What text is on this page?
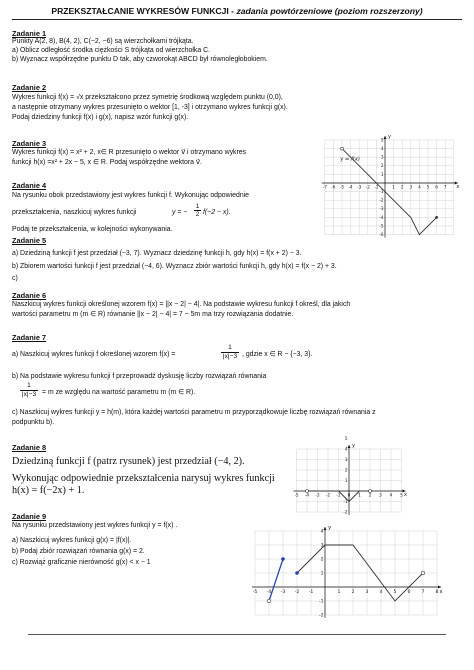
PRZEKSZTAŁCANIE WYKRESÓW FUNKCJI - zadania powtórzeniowe (poziom rozszerzony)
Zadanie 1
Punkty A(2, 8), B(4, 2), C(−2, −6) są wierzchołkami trójkąta.
a) Oblicz odległość środka ciężkości S trójkąta od wierzchołka C.
b) Wyznacz współrzędne punktu D tak, aby czworokąt ABCD był równoległobokiem.
Zadanie 2
Wykres funkcji f(x) = √x przekształcono przez symetrię środkową względem punktu (0,0),
a następnie otrzymany wykres przesunięto o wektor [1, -3] i otrzymano wykres funkcji g(x).
Podaj dziedziny funkcji f(x) i g(x), napisz wzór funkcji g(x).
Zadanie 3
Wykres funkcji f(x) = x² + 2, x∈ R przesunięto o wektor v⃗ i otrzymano wykres
funkcji h(x) =x² + 2x − 5, x ∈ R. Podaj współrzędne wektora v⃗.
Zadanie 4
Na rysunku obok przedstawiony jest wykres funkcji f. Wykonując odpowiednie
przekształcenia, naszkicuj wykres funkcji	y = − $\frac{1}{2} f(-2 - x)$.
Podaj te przekształcenia, w kolejności wykonywania.
-7 -6 -5 -4 -3 -2 -1	1 2 3 4 5 6 7
5
4
3
2
1
-1
-2
-3
-4
-5
-6
x
y
y = f(x)
Zadanie 5
a) Dziedziną funkcji f jest przedział (−3, 7). Wyznacz dziedzinę funkcji h, gdy h(x) = f(x + 2) − 3.
b) Zbiorem wartości funkcji f jest przedział (−4, 6). Wyznacz zbiór wartości funkcji h, gdy h(x) = f(x − 2) + 3.
c)
Zadanie 6
Naszkicuj wykres funkcji określonej wzorem f(x) = ||x − 2| − 4|. Na podstawie wykresu funkcji f określ, dla jakich
wartości parametru m (m ∈ R) równanie ||x − 2| − 4| = 7 − 5m ma trzy rozwiązania dodatnie.
Zadanie 7
a) Naszkicuj wykres funkcji f określonej wzorem f(x) =	$\frac{1}{|x|-3}$ , gdzie x ∈ R − {−3, 3}.
b) Na podstawie wykresu funkcji f przeprowadź dyskusję liczby rozwiązań równania
$\frac{1}{|x|-3} = m$ ze względu na wartość parametru m (m ∈ R).
c) Naszkicuj wykres funkcji y = h(m), która każdej wartości parametru m przyporządkowuje liczbę rozwiązań równania z
podpunktu b).
Zadanie 8
Dziedziną funkcji f (patrz rysunek) jest przedział (−4, 2).
Wykonując odpowiednie przekształcenia narysuj wykres funkcji
h(x) = f(−2x) + 1.	-5 -4 -3 -2 -1 0 1 2 3 4 5
5
4
3
2
1
-1
-2
x
y
Zadanie 9
Na rysunku przedstawiony jest wykres funkcji y = f(x) .
a) Naszkicuj wykres funkcji g(x) = |f(x)|.
b) Podaj zbiór rozwiązań równania g(x) = 2.
c) Rozwiąż graficznie nierówność g(x) < x − 1
-5 -4 -3 -2 -1	1 2 3 4 5 6 7 8
4
3
2
1
-1
-2
x
y
